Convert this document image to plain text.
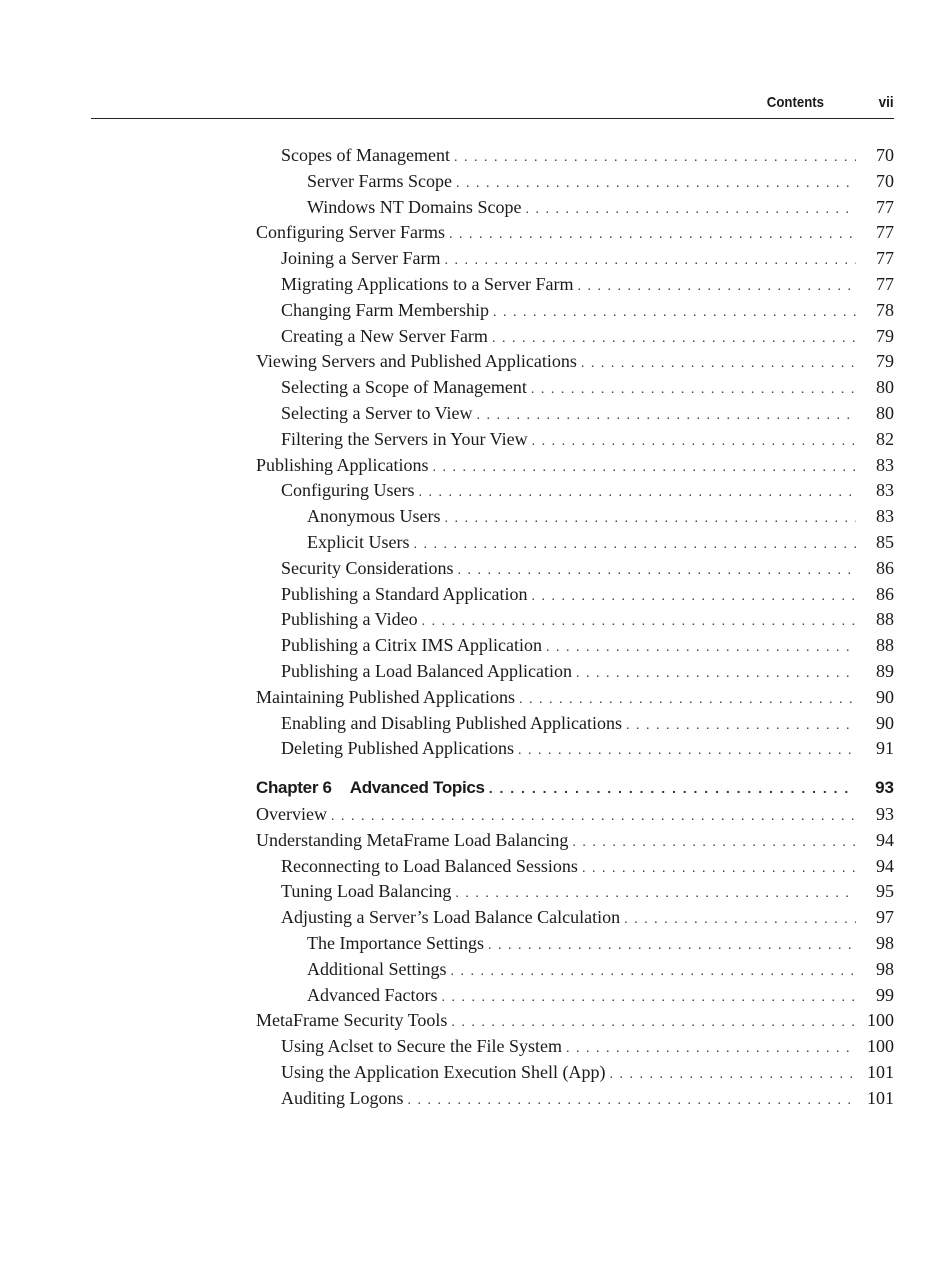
Contents	vii
Scopes of Management . . .	70
Server Farms Scope . . .	70
Windows NT Domains Scope . . .	77
Configuring Server Farms . . .	77
Joining a Server Farm . . .	77
Migrating Applications to a Server Farm . . .	77
Changing Farm Membership . . .	78
Creating a New Server Farm . . .	79
Viewing Servers and Published Applications . . .	79
Selecting a Scope of Management . . .	80
Selecting a Server to View . . .	80
Filtering the Servers in Your View . . .	82
Publishing Applications . . .	83
Configuring Users . . .	83
Anonymous Users . . .	83
Explicit Users . . .	85
Security Considerations . . .	86
Publishing a Standard Application . . .	86
Publishing a Video . . .	88
Publishing a Citrix IMS Application . . .	88
Publishing a Load Balanced Application . . .	89
Maintaining Published Applications . . .	90
Enabling and Disabling Published Applications . . .	90
Deleting Published Applications . . .	91
Chapter 6 Advanced Topics . . .	93
Overview . . .	93
Understanding MetaFrame Load Balancing . . .	94
Reconnecting to Load Balanced Sessions . . .	94
Tuning Load Balancing . . .	95
Adjusting a Server’s Load Balance Calculation . . .	97
The Importance Settings . . .	98
Additional Settings . . .	98
Advanced Factors . . .	99
MetaFrame Security Tools . . .	100
Using Aclset to Secure the File System . . .	100
Using the Application Execution Shell (App) . . .	101
Auditing Logons . . .	101
